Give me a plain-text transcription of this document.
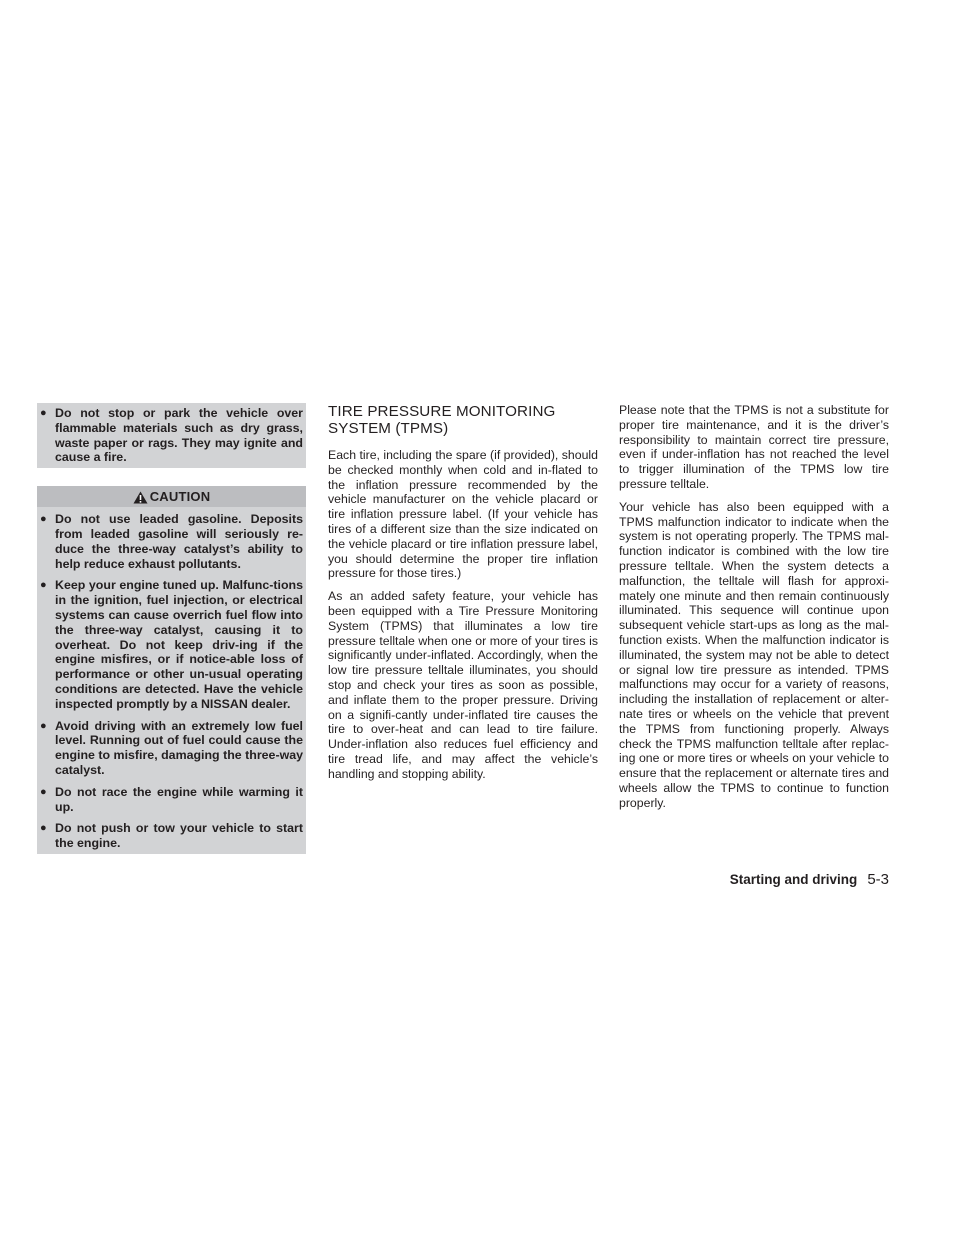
● Do not stop or park the vehicle over flammable materials such as dry grass, waste paper or rags. They may ignite and cause a fire.
CAUTION
● Do not use leaded gasoline. Deposits from leaded gasoline will seriously re-duce the three-way catalyst’s ability to help reduce exhaust pollutants.
● Keep your engine tuned up. Malfunc-tions in the ignition, fuel injection, or electrical systems can cause overrich fuel flow into the three-way catalyst, causing it to overheat. Do not keep driv-ing if the engine misfires, or if notice-able loss of performance or other un-usual operating conditions are detected. Have the vehicle inspected promptly by a NISSAN dealer.
● Avoid driving with an extremely low fuel level. Running out of fuel could cause the engine to misfire, damaging the three-way catalyst.
● Do not race the engine while warming it up.
● Do not push or tow your vehicle to start the engine.
TIRE PRESSURE MONITORING
SYSTEM (TPMS)

Each tire, including the spare (if provided), should be checked monthly when cold and in-flated to the inflation pressure recommended by the vehicle manufacturer on the vehicle placard or tire inflation pressure label. (If your vehicle has tires of a different size than the size indicated on the vehicle placard or tire inflation pressure label, you should determine the proper tire inflation pressure for those tires.)

As an added safety feature, your vehicle has been equipped with a Tire Pressure Monitoring System (TPMS) that illuminates a low tire pressure telltale when one or more of your tires is significantly under-inflated. Accordingly, when the low tire pressure telltale illuminates, you should stop and check your tires as soon as possible, and inflate them to the proper pressure. Driving on a signifi-cantly under-inflated tire causes the tire to over-heat and can lead to tire failure. Under-inflation also reduces fuel efficiency and tire tread life, and may affect the vehicle’s handling and stopping ability.

Please note that the TPMS is not a substitute for proper tire maintenance, and it is the driver’s responsibility to maintain correct tire pressure, even if under-inflation has not reached the level to trigger illumination of the TPMS low tire pressure telltale.

Your vehicle has also been equipped with a TPMS malfunction indicator to indicate when the system is not operating properly. The TPMS mal-function indicator is combined with the low tire pressure telltale. When the system detects a malfunction, the telltale will flash for approxi-mately one minute and then remain continuously illuminated. This sequence will continue upon subsequent vehicle start-ups as long as the mal-function exists. When the malfunction indicator is illuminated, the system may not be able to detect or signal low tire pressure as intended. TPMS malfunctions may occur for a variety of reasons, including the installation of replacement or alter-nate tires or wheels on the vehicle that prevent the TPMS from functioning properly. Always check the TPMS malfunction telltale after replac-ing one or more tires or wheels on your vehicle to ensure that the replacement or alternate tires and wheels allow the TPMS to continue to function properly.

Starting and driving 5-3
